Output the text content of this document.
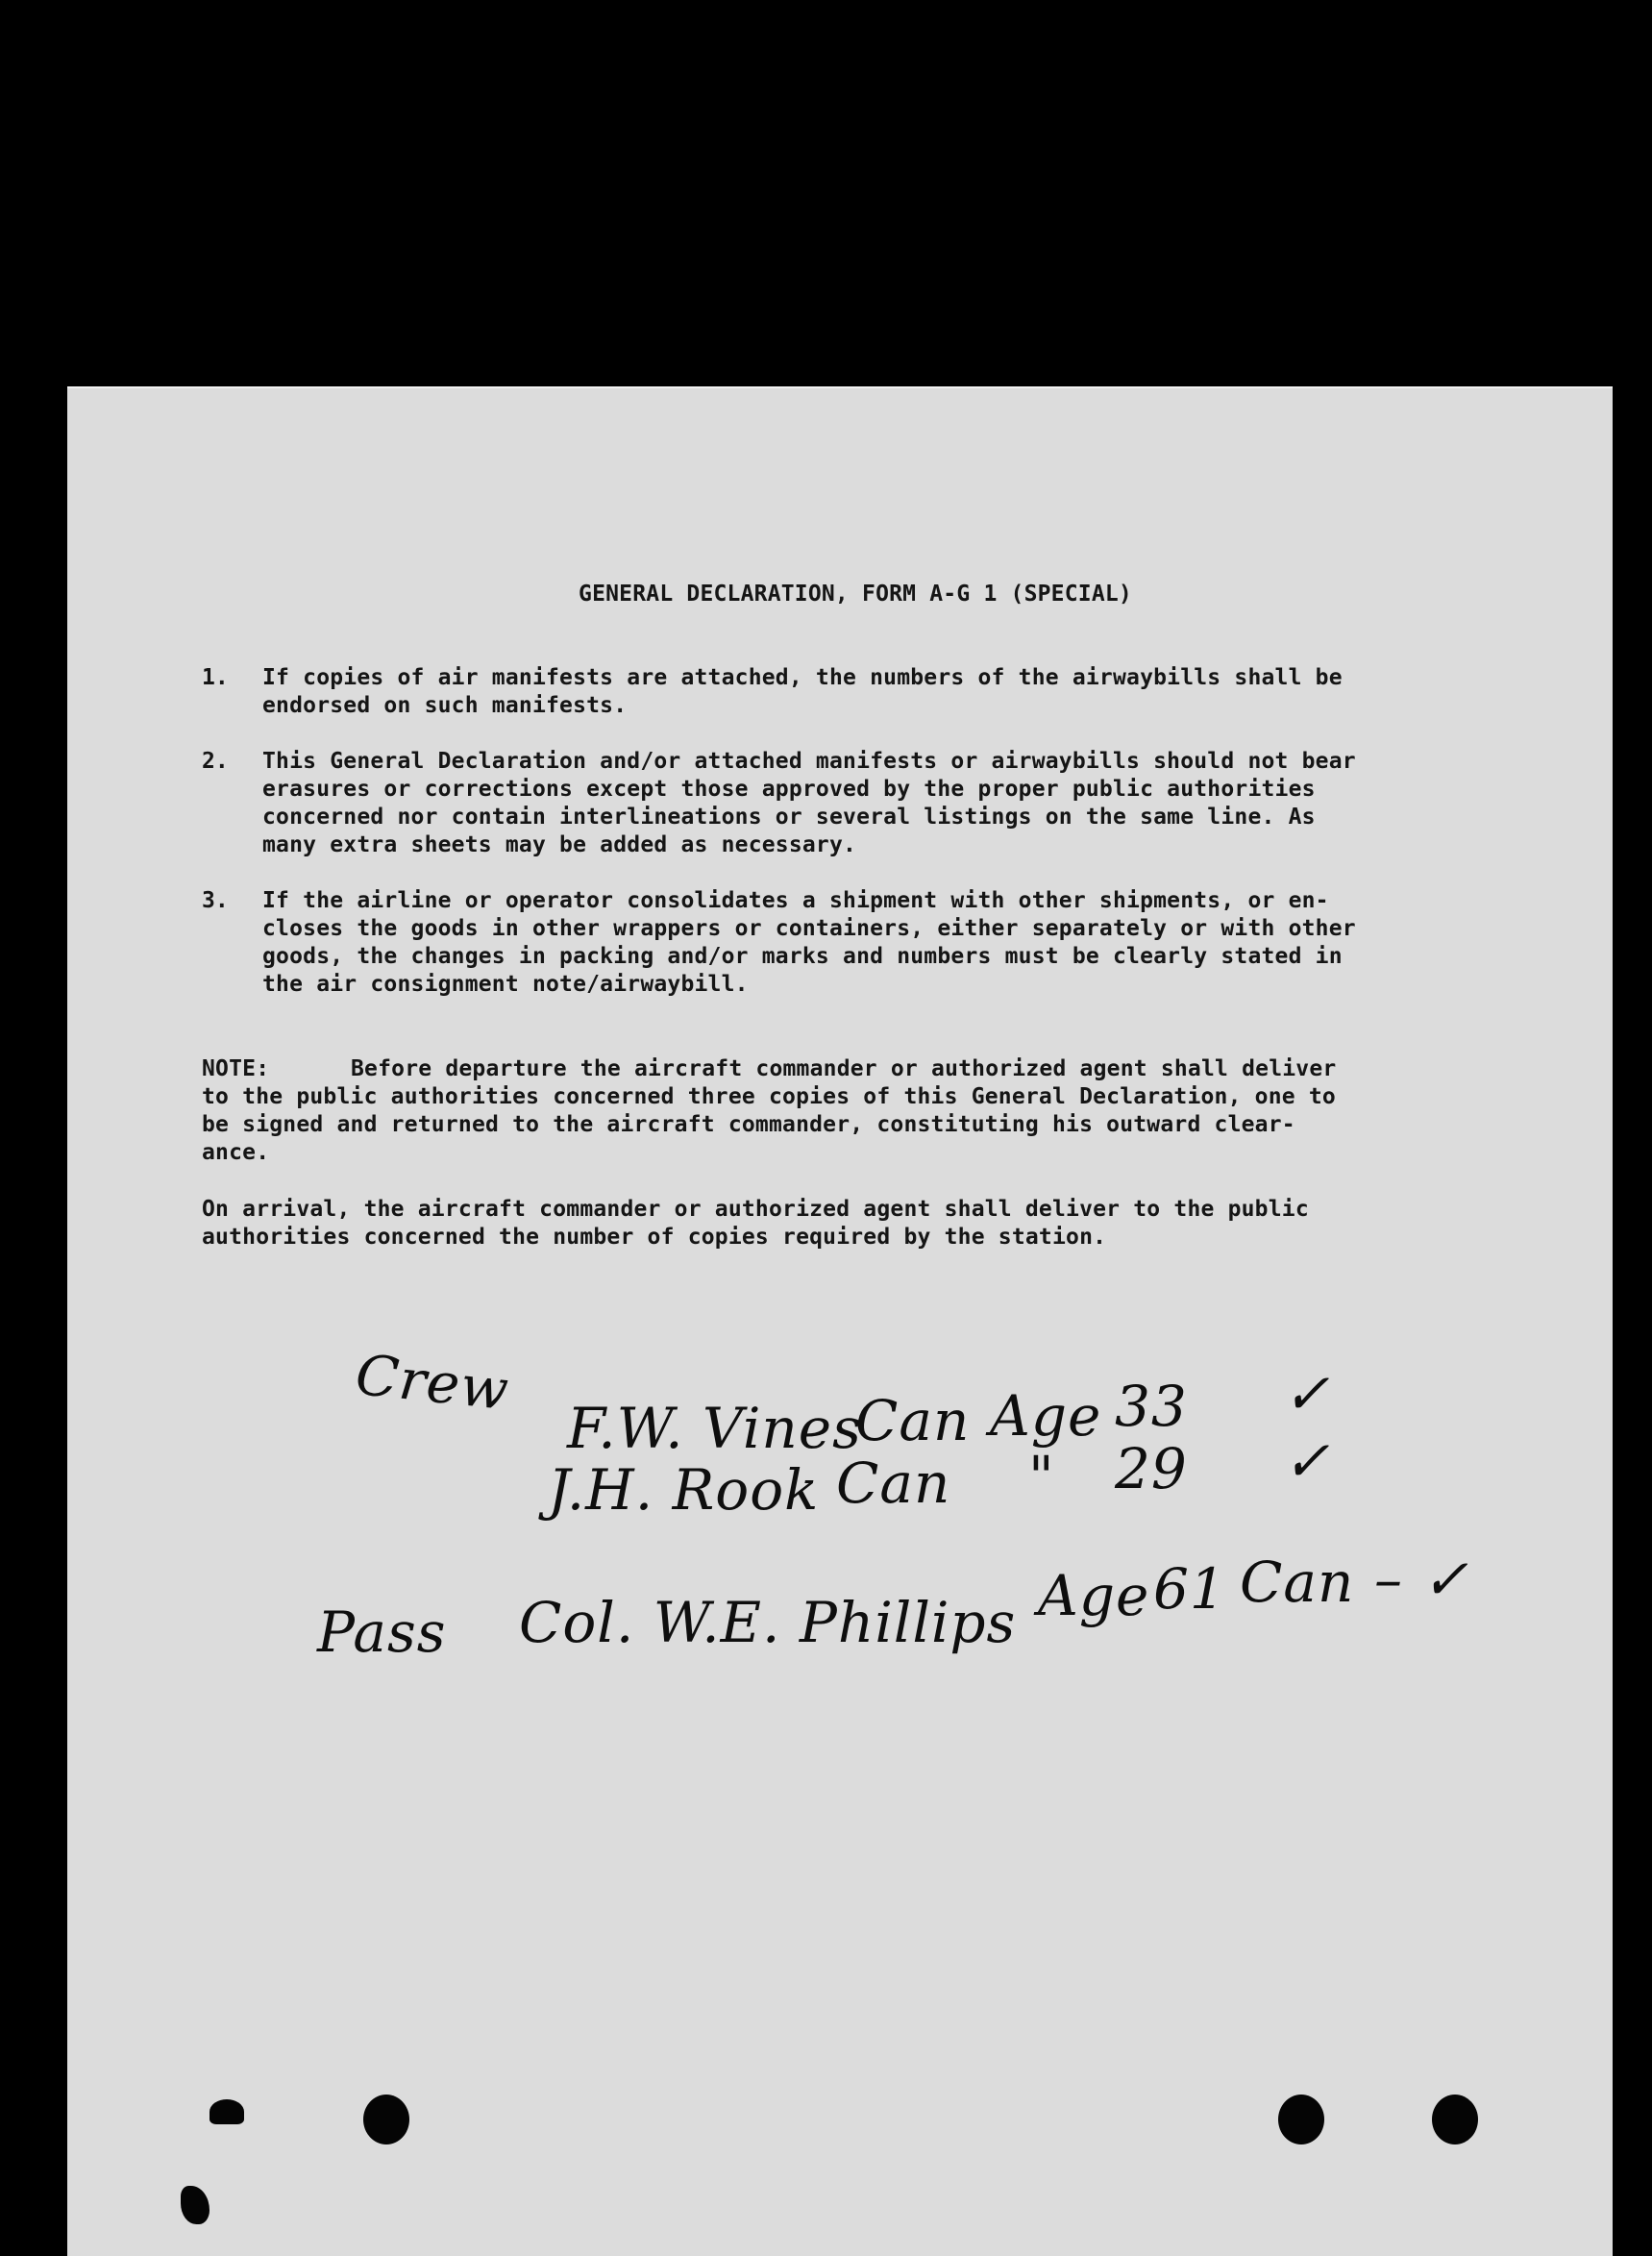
GENERAL DECLARATION, FORM A-G 1 (SPECIAL)
1. If copies of air manifests are attached, the numbers of the airwaybills shall be
endorsed on such manifests.
2. This General Declaration and/or attached manifests or airwaybills should not bear
erasures or corrections except those approved by the proper public authorities
concerned nor contain interlineations or several listings on the same line. As
many extra sheets may be added as necessary.
3. If the airline or operator consolidates a shipment with other shipments, or en-
closes the goods in other wrappers or containers, either separately or with other
goods, the changes in packing and/or marks and numbers must be clearly stated in
the air consignment note/airwaybill.
NOTE:	Before departure the aircraft commander or authorized agent shall deliver
to the public authorities concerned three copies of this General Declaration, one to
be signed and returned to the aircraft commander, constituting his outward clear-
ance.
On arrival, the aircraft commander or authorized agent shall deliver to the public
authorities concerned the number of copies required by the station.
Crew
F.W. Vines
Can Age 33 ✓
J.H. Rook Can " 29 ✓
Pass Col. W.E. Phillips Age 61 Can – ✓
